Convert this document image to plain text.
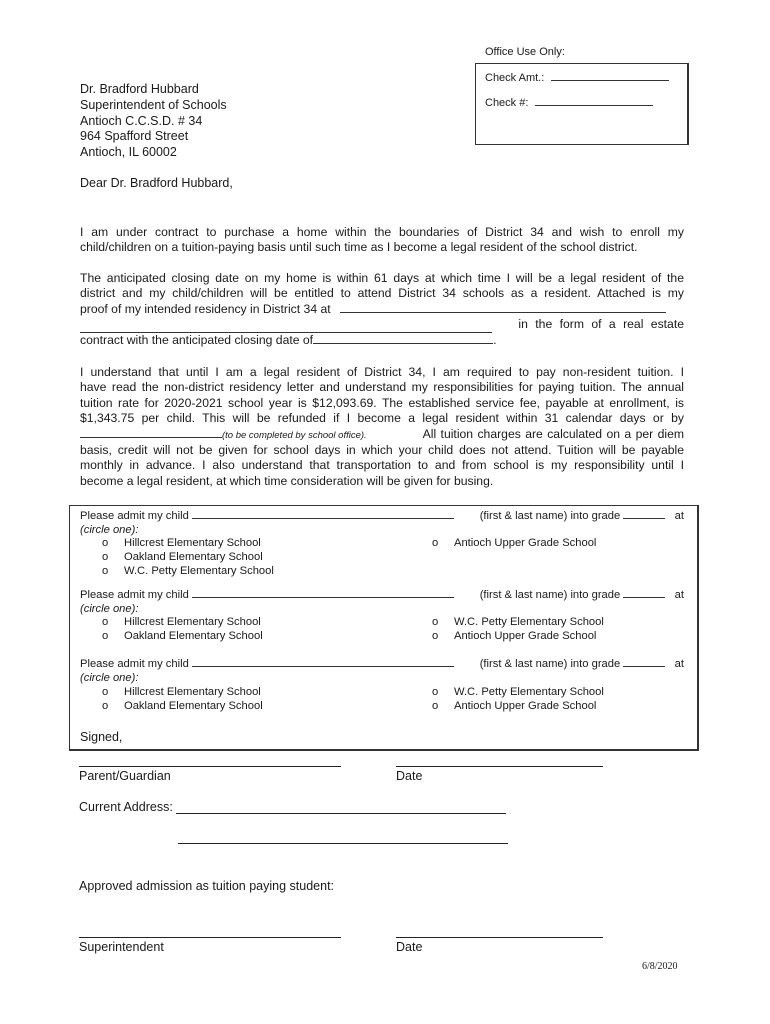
Office Use Only:
Check Amt.:
Check #:
Dr. Bradford Hubbard
Superintendent of Schools
Antioch C.C.S.D. # 34
964 Spafford Street
Antioch, IL 60002
Dear Dr. Bradford Hubbard,
I am under contract to purchase a home within the boundaries of District 34 and wish to enroll my
child/children on a tuition-paying basis until such time as I become a legal resident of the school district.
The anticipated closing date on my home is within 61 days at which time I will be a legal resident of the
district and my child/children will be entitled to attend District 34 schools as a resident. Attached is my
proof of my intended residency in District 34 at
in the form of a real estate
contract with the anticipated closing date of	.
I understand that until I am a legal resident of District 34, I am required to pay non-resident tuition. I
have read the non-district residency letter and understand my responsibilities for paying tuition. The annual
tuition rate for 2020-2021 school year is $12,093.69. The established service fee, payable at enrollment, is
$1,343.75 per child. This will be refunded if I become a legal resident within 31 calendar days or by
(to be completed by school office).	All tuition charges are calculated on a per diem
basis, credit will not be given for school days in which your child does not attend. Tuition will be payable
monthly in advance. I also understand that transportation to and from school is my responsibility until I
become a legal resident, at which time consideration will be given for busing.
Please admit my child	(first & last name) into grade	at
(circle one):
o Hillcrest Elementary School
o Oakland Elementary School
o W.C. Petty Elementary School
o Antioch Upper Grade School
Please admit my child	(first & last name) into grade	at
(circle one):
o Hillcrest Elementary School
o Oakland Elementary School
o W.C. Petty Elementary School
o Antioch Upper Grade School
Please admit my child	(first & last name) into grade	at
(circle one):
o Hillcrest Elementary School
o Oakland Elementary School
o W.C. Petty Elementary School
o Antioch Upper Grade School
Signed,
Parent/Guardian	Date
Current Address:
Approved admission as tuition paying student:
Superintendent	Date
6/8/2020
